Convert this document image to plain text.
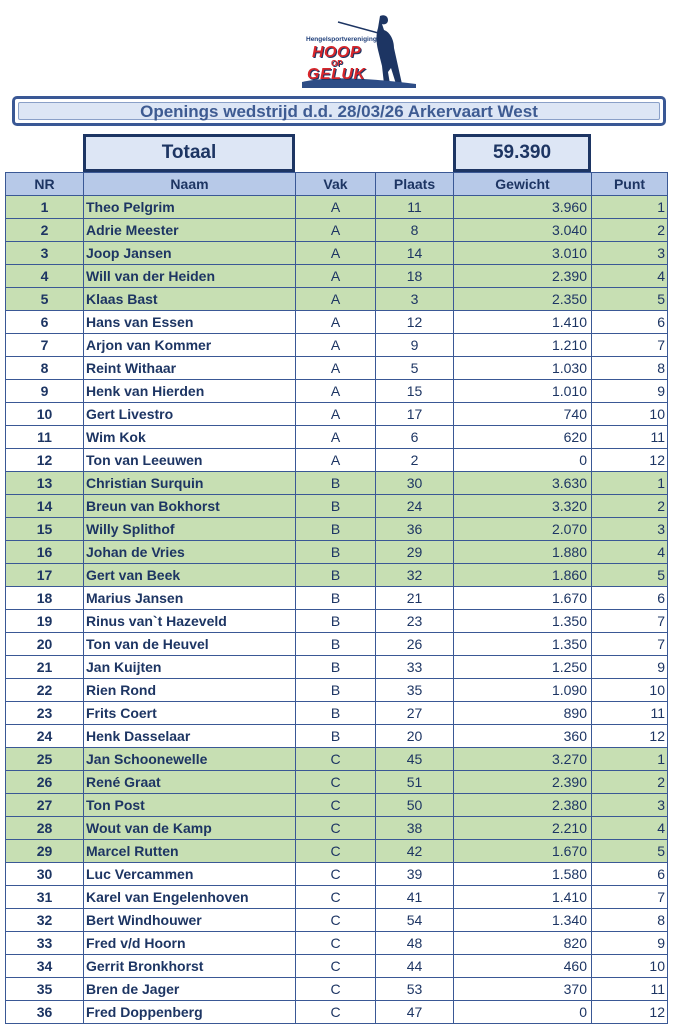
Hengelsportvereniging
HOOP
OP
GELUK
Openings wedstrijd d.d. 28/03/26 Arkervaart West
Totaal	59.390
NR	Naam	Vak	Plaats	Gewicht	Punt
1	Theo Pelgrim	A	11	3.960	1
2	Adrie Meester	A	8	3.040	2
3	Joop Jansen	A	14	3.010	3
4	Will van der Heiden	A	18	2.390	4
5	Klaas Bast	A	3	2.350	5
6	Hans van Essen	A	12	1.410	6
7	Arjon van Kommer	A	9	1.210	7
8	Reint Withaar	A	5	1.030	8
9	Henk van Hierden	A	15	1.010	9
10	Gert Livestro	A	17	740	10
11	Wim Kok	A	6	620	11
12	Ton van Leeuwen	A	2	0	12
13	Christian Surquin	B	30	3.630	1
14	Breun van Bokhorst	B	24	3.320	2
15	Willy Splithof	B	36	2.070	3
16	Johan de Vries	B	29	1.880	4
17	Gert van Beek	B	32	1.860	5
18	Marius Jansen	B	21	1.670	6
19	Rinus van`t Hazeveld	B	23	1.350	7
20	Ton van de Heuvel	B	26	1.350	7
21	Jan Kuijten	B	33	1.250	9
22	Rien Rond	B	35	1.090	10
23	Frits Coert	B	27	890	11
24	Henk Dasselaar	B	20	360	12
25	Jan Schoonewelle	C	45	3.270	1
26	René Graat	C	51	2.390	2
27	Ton Post	C	50	2.380	3
28	Wout van de Kamp	C	38	2.210	4
29	Marcel Rutten	C	42	1.670	5
30	Luc Vercammen	C	39	1.580	6
31	Karel van Engelenhoven	C	41	1.410	7
32	Bert Windhouwer	C	54	1.340	8
33	Fred v/d Hoorn	C	48	820	9
34	Gerrit Bronkhorst	C	44	460	10
35	Bren de Jager	C	53	370	11
36	Fred Doppenberg	C	47	0	12
